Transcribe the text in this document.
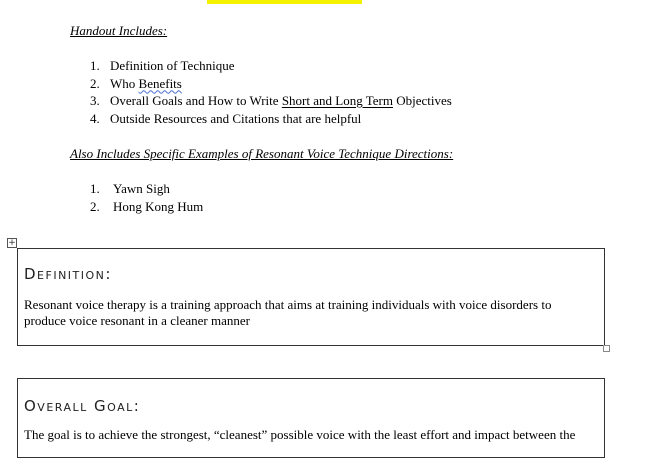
Handout Includes:
1. Definition of Technique
2. Who Benefits
3. Overall Goals and How to Write Short and Long Term Objectives
4. Outside Resources and Citations that are helpful
Also Includes Specific Examples of Resonant Voice Technique Directions:
1. Yawn Sigh
2. Hong Kong Hum
+
Definition:
Resonant voice therapy is a training approach that aims at training individuals with voice disorders to produce voice resonant in a cleaner manner
Overall Goal:
The goal is to achieve the strongest, “cleanest” possible voice with the least effort and impact between the
